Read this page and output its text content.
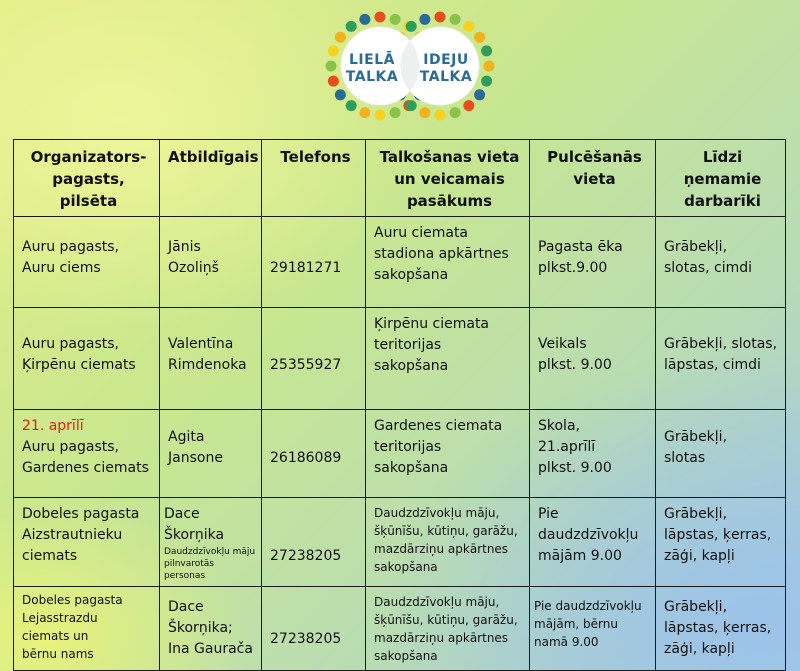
LIELĀ
TALKA
IDEJU
TALKA
Organizators-pagasts, pilsēta	Atbildīgais	Telefons	Talkošanas vieta un veicamais pasākums	Pulcēšanās vieta	Līdzi ņemamie darbarīki

Auru pagasts,
Auru ciems	Jānis
Ozoliņš	29181271	Auru ciemata
stadiona apkārtnes
sakopšana	Pagasta ēka
plkst.9.00	Grābekļi,
slotas, cimdi

Auru pagasts,
Ķirpēnu ciemats	Valentīna
Rimdenoka	25355927	Ķirpēnu ciemata
teritorijas
sakopšana	Veikals
plkst. 9.00	Grābekļi, slotas,
lāpstas, cimdi

21. aprīlī
Auru pagasts,
Gardenes ciemats	Agita
Jansone	26186089	Gardenes ciemata
teritorijas
sakopšana	Skola,
21.aprīlī
plkst. 9.00	Grābekļi,
slotas

Dobeles pagasta
Aizstrautnieku
ciemats	Dace
Škorņika
Daudzdzīvokļu māju
pilnvarotās personas	27238205	Daudzdzīvokļu māju,
šķūnīšu, kūtiņu, garāžu,
mazdārziņu apkārtnes
sakopšana	Pie
daudzdzīvokļu
mājām 9.00	Grābekļi,
lāpstas, ķerras,
zāģi, kapļi

Dobeles pagasta
Lejasstrazdu
ciemats un
bērnu nams	Dace
Škorņika;
Ina Gaurača	27238205	Daudzdzīvokļu māju,
šķūnīšu, kūtiņu, garāžu,
mazdārziņu apkārtnes
sakopšana	Pie daudzdzīvokļu
mājām, bērnu
namā 9.00	Grābekļi,
lāpstas, ķerras,
zāģi, kapļi
